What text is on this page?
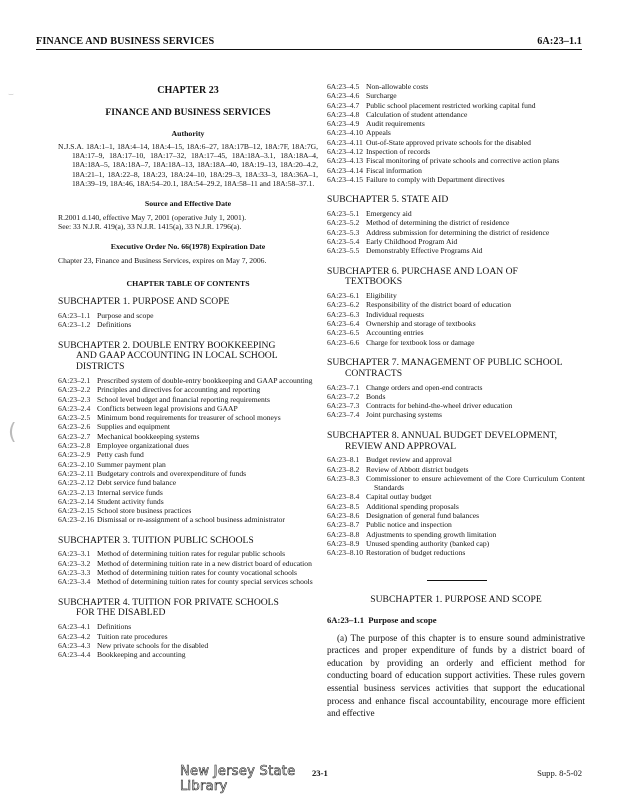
FINANCE AND BUSINESS SERVICES	6A:23–1.1
CHAPTER 23
FINANCE AND BUSINESS SERVICES
Authority
N.J.S.A. 18A:1–1, 18A:4–14, 18A:4–15, 18A:6–27, 18A:17B–12, 18A:7F, 18A:7G, 18A:17–9, 18A:17–10, 18A:17–32, 18A:17–45, 18A:18A–3.1, 18A:18A–4, 18A:18A–5, 18A:18A–7, 18A:18A–13, 18A:18A–40, 18A:19–13, 18A:20–4.2, 18A:21–1, 18A:22–8, 18A:23, 18A:24–10, 18A:29–3, 18A:33–3, 18A:36A–1, 18A:39–19, 18A:46, 18A:54–20.1, 18A:54–29.2, 18A:58–11 and 18A:58–37.1.
Source and Effective Date
R.2001 d.140, effective May 7, 2001 (operative July 1, 2001).
See: 33 N.J.R. 419(a), 33 N.J.R. 1415(a), 33 N.J.R. 1796(a).
Executive Order No. 66(1978) Expiration Date
Chapter 23, Finance and Business Services, expires on May 7, 2006.
CHAPTER TABLE OF CONTENTS
SUBCHAPTER 1. PURPOSE AND SCOPE
6A:23–1.1 Purpose and scope
6A:23–1.2 Definitions
SUBCHAPTER 2. DOUBLE ENTRY BOOKKEEPING
AND GAAP ACCOUNTING IN LOCAL SCHOOL DISTRICTS
6A:23–2.1 Prescribed system of double-entry bookkeeping and GAAP accounting
6A:23–2.2 Principles and directives for accounting and reporting
6A:23–2.3 School level budget and financial reporting requirements
6A:23–2.4 Conflicts between legal provisions and GAAP
6A:23–2.5 Minimum bond requirements for treasurer of school moneys
6A:23–2.6 Supplies and equipment
6A:23–2.7 Mechanical bookkeeping systems
6A:23–2.8 Employee organizational dues
6A:23–2.9 Petty cash fund
6A:23–2.10 Summer payment plan
6A:23–2.11 Budgetary controls and overexpenditure of funds
6A:23–2.12 Debt service fund balance
6A:23–2.13 Internal service funds
6A:23–2.14 Student activity funds
6A:23–2.15 School store business practices
6A:23–2.16 Dismissal or re-assignment of a school business administrator
SUBCHAPTER 3. TUITION PUBLIC SCHOOLS
6A:23–3.1 Method of determining tuition rates for regular public schools
6A:23–3.2 Method of determining tuition rate in a new district board of education
6A:23–3.3 Method of determining tuition rates for county vocational schools
6A:23–3.4 Method of determining tuition rates for county special services schools
SUBCHAPTER 4. TUITION FOR PRIVATE SCHOOLS
FOR THE DISABLED
6A:23–4.1 Definitions
6A:23–4.2 Tuition rate procedures
6A:23–4.3 New private schools for the disabled
6A:23–4.4 Bookkeeping and accounting
6A:23–4.5 Non-allowable costs
6A:23–4.6 Surcharge
6A:23–4.7 Public school placement restricted working capital fund
6A:23–4.8 Calculation of student attendance
6A:23–4.9 Audit requirements
6A:23–4.10 Appeals
6A:23–4.11 Out-of-State approved private schools for the disabled
6A:23–4.12 Inspection of records
6A:23–4.13 Fiscal monitoring of private schools and corrective action plans
6A:23–4.14 Fiscal information
6A:23–4.15 Failure to comply with Department directives
SUBCHAPTER 5. STATE AID
6A:23–5.1 Emergency aid
6A:23–5.2 Method of determining the district of residence
6A:23–5.3 Address submission for determining the district of residence
6A:23–5.4 Early Childhood Program Aid
6A:23–5.5 Demonstrably Effective Programs Aid
SUBCHAPTER 6. PURCHASE AND LOAN OF
TEXTBOOKS
6A:23–6.1 Eligibility
6A:23–6.2 Responsibility of the district board of education
6A:23–6.3 Individual requests
6A:23–6.4 Ownership and storage of textbooks
6A:23–6.5 Accounting entries
6A:23–6.6 Charge for textbook loss or damage
SUBCHAPTER 7. MANAGEMENT OF PUBLIC SCHOOL
CONTRACTS
6A:23–7.1 Change orders and open-end contracts
6A:23–7.2 Bonds
6A:23–7.3 Contracts for behind-the-wheel driver education
6A:23–7.4 Joint purchasing systems
SUBCHAPTER 8. ANNUAL BUDGET DEVELOPMENT,
REVIEW AND APPROVAL
6A:23–8.1 Budget review and approval
6A:23–8.2 Review of Abbott district budgets
6A:23–8.3 Commissioner to ensure achievement of the Core Curriculum Content Standards
6A:23–8.4 Capital outlay budget
6A:23–8.5 Additional spending proposals
6A:23–8.6 Designation of general fund balances
6A:23–8.7 Public notice and inspection
6A:23–8.8 Adjustments to spending growth limitation
6A:23–8.9 Unused spending authority (banked cap)
6A:23–8.10 Restoration of budget reductions
SUBCHAPTER 1. PURPOSE AND SCOPE
6A:23–1.1 Purpose and scope
(a) The purpose of this chapter is to ensure sound administrative practices and proper expenditure of funds by a district board of education by providing an orderly and efficient method for conducting board of education support activities. These rules govern essential business services activities that support the educational process and enhance fiscal accountability, encourage more efficient and effective
⌣
(
New Jersey State Library
23-1	Supp. 8-5-02
